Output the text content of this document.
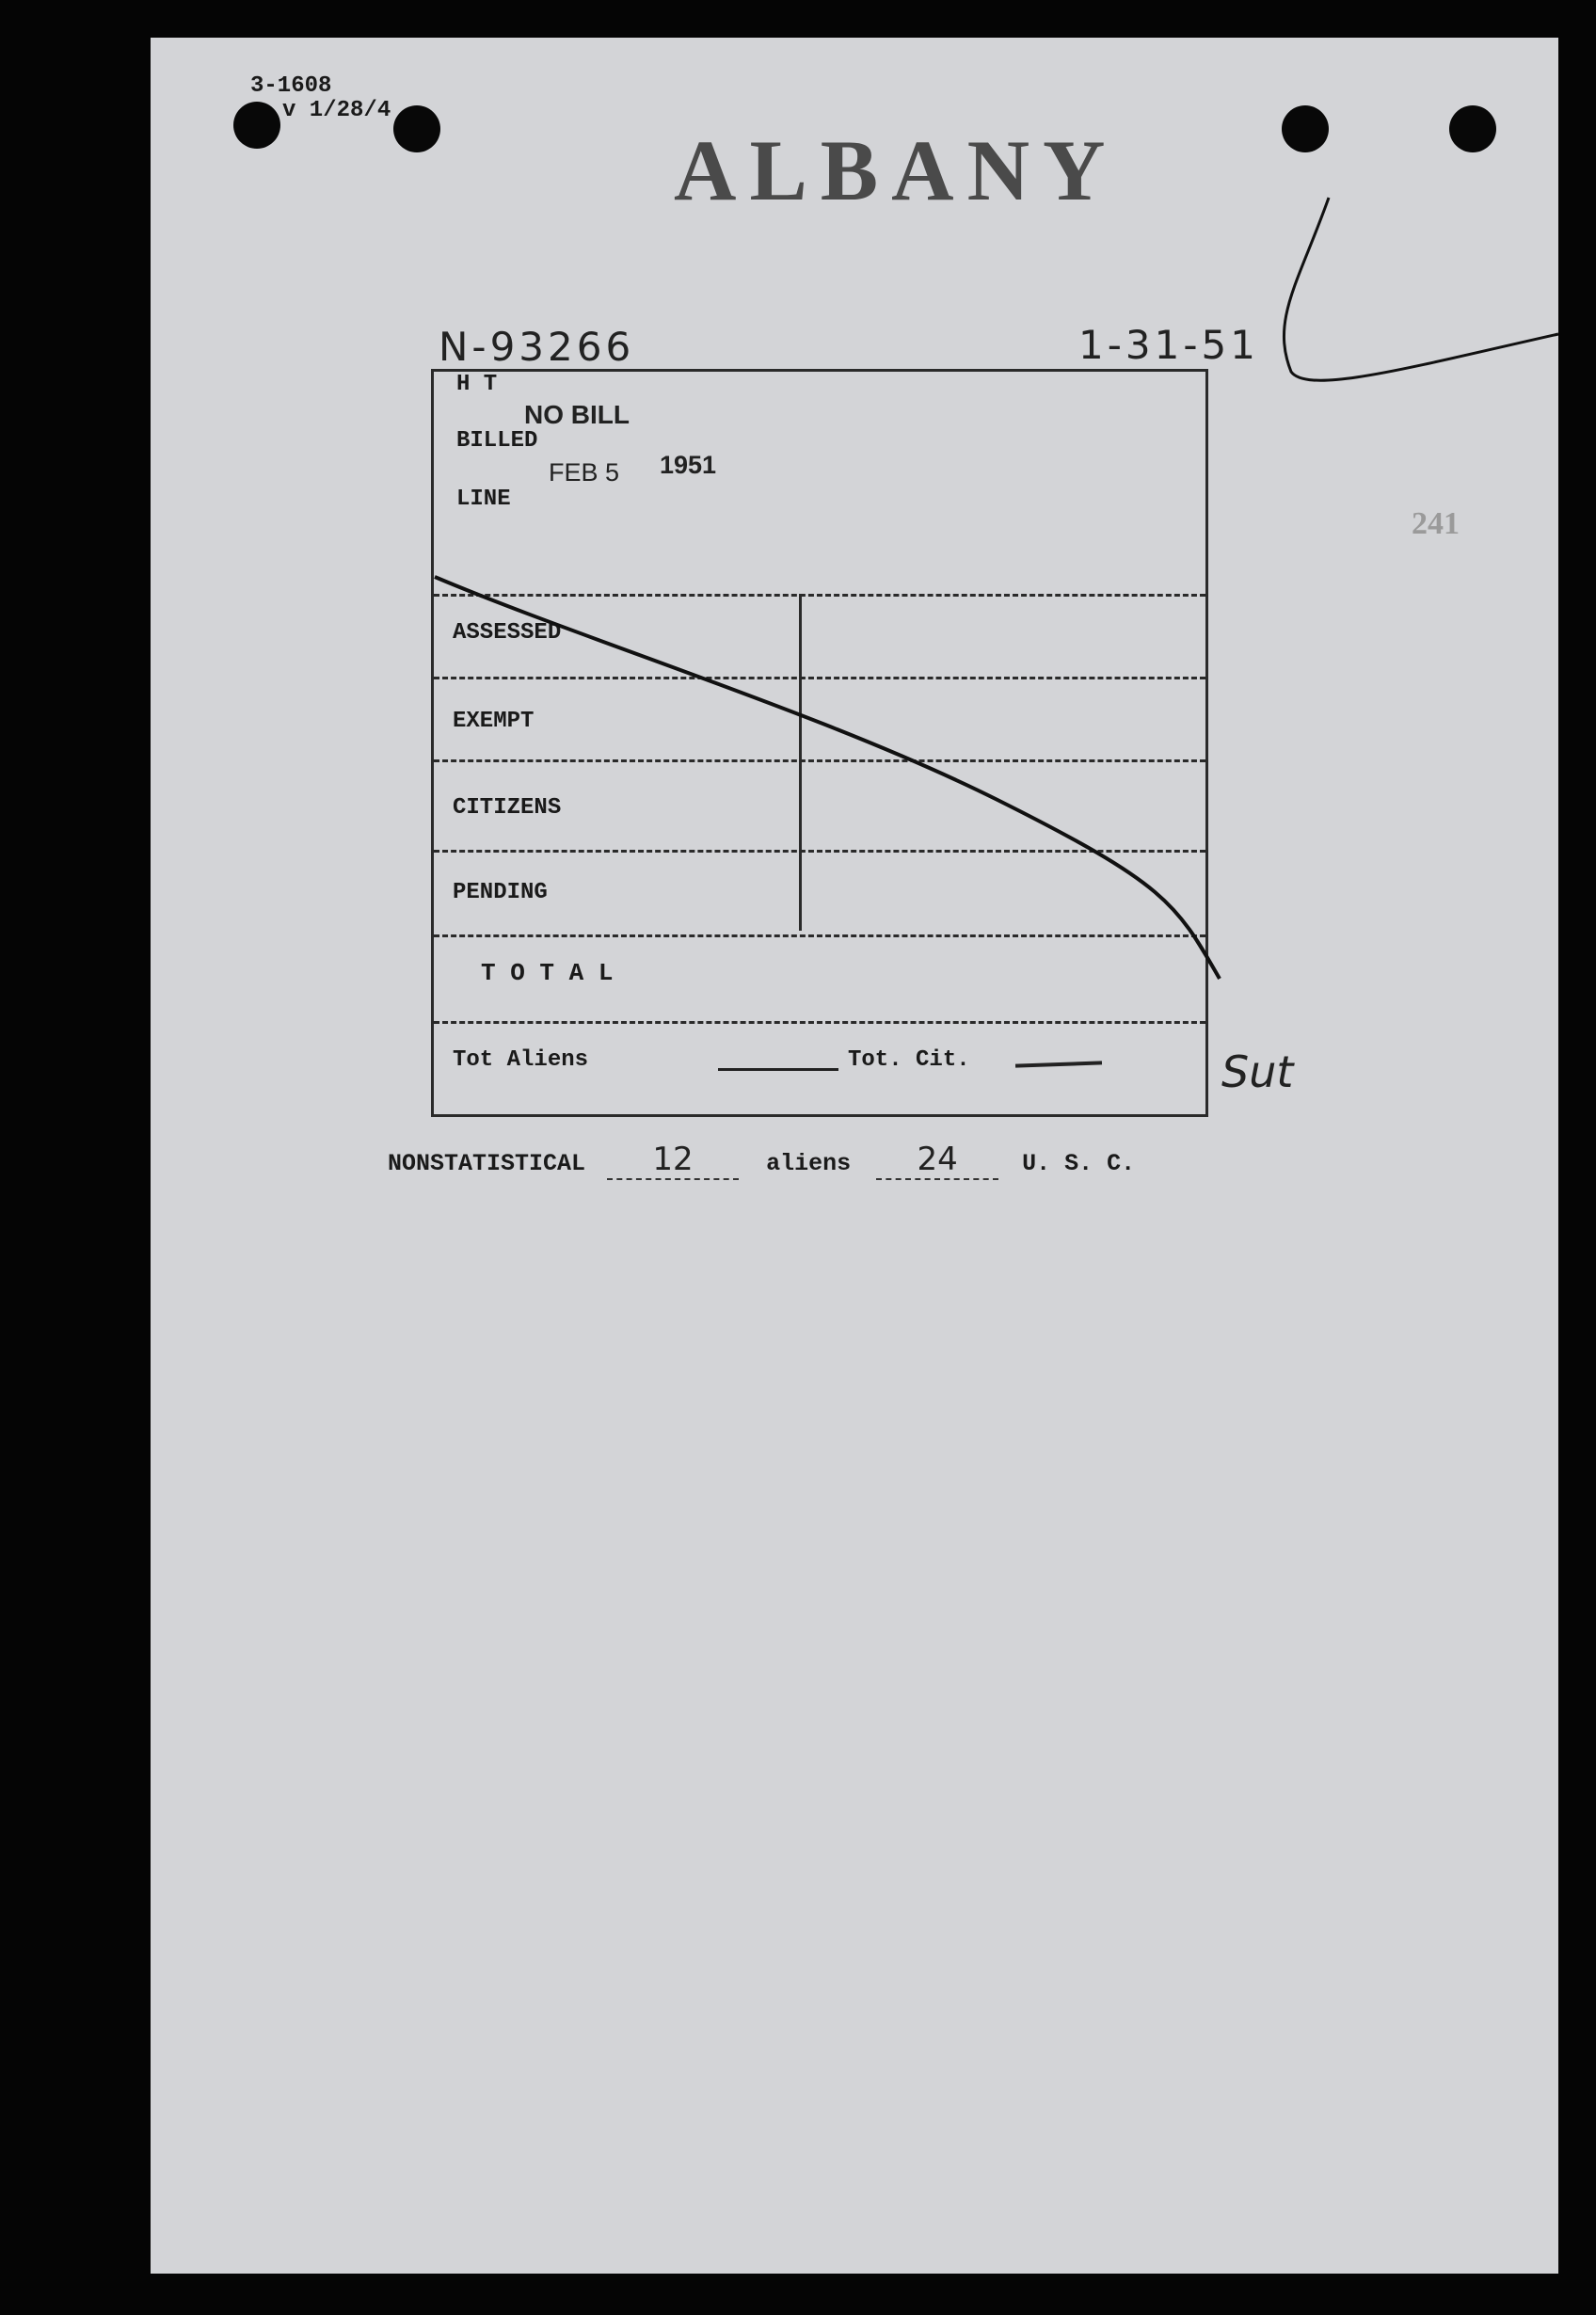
3-1608
v 1/28/4
ALBANY
241
N-93266	1-31-51
H T
BILLED
LINE
NO BILL
FEB 5 1951
ASSESSED
EXEMPT
CITIZENS
PENDING
T O T A L
Tot Aliens	Tot. Cit.	Sut
NONSTATISTICAL 12	aliens 24	U. S. C.
